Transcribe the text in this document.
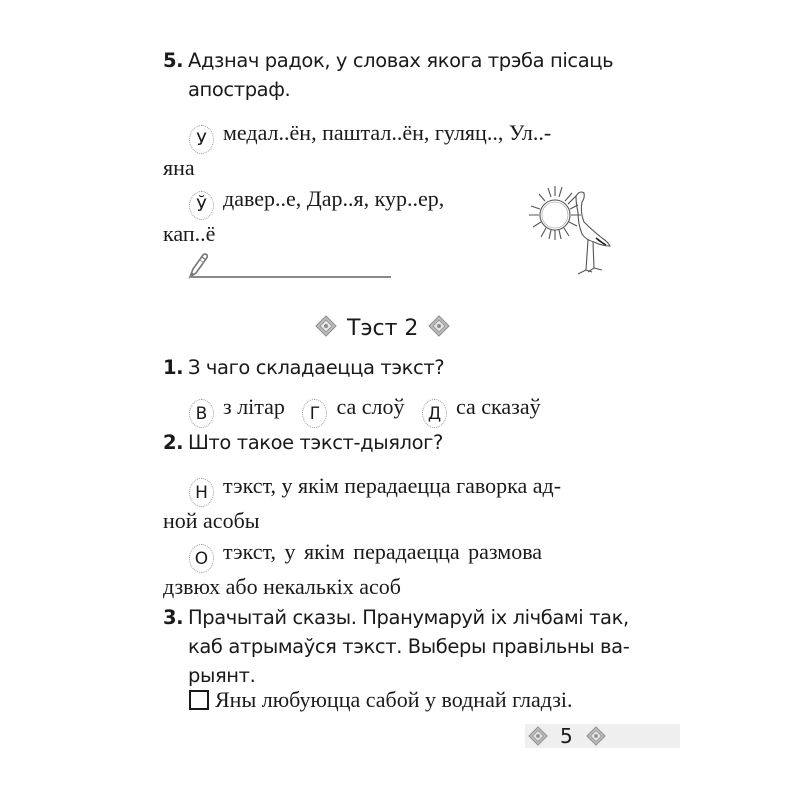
5. Адзнач радок, у словах якога трэба пісаць
апостраф.
У медал..ён, паштал..ён, гуляц.., Ул..-
яна
Ў давер..е, Дар..я, кур..ер,
кап..ё
Тэст 2
1. З чаго складаецца тэкст?
В з літар Г са слоў Д са сказаў
2. Што такое тэкст-дыялог?
Н тэкст, у якім перадаецца гаворка ад-
ной асобы
О тэкст, у якім перадаецца размова
дзвюх або некалькіх асоб
3. Прачытай сказы. Пранумаруй іх лічбамі так,
каб атрымаўся тэкст. Выберы правільны ва-
рыянт.
Яны любуюцца сабой у воднай гладзі.
5
